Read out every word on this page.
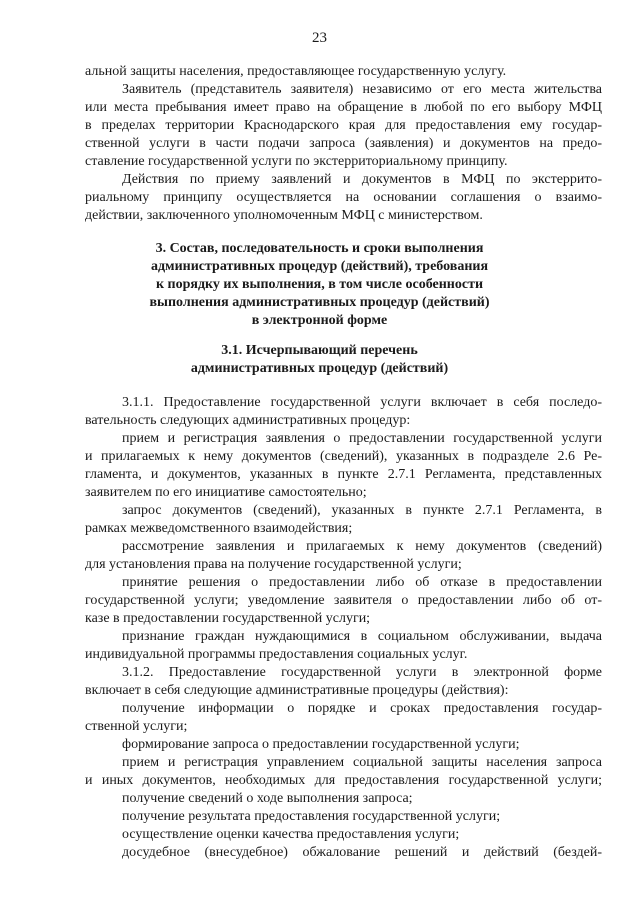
23
альной защиты населения, предоставляющее государственную услугу.
Заявитель (представитель заявителя) независимо от его места жительства
или места пребывания имеет право на обращение в любой по его выбору МФЦ
в пределах территории Краснодарского края для предоставления ему государ-
ственной услуги в части подачи запроса (заявления) и документов на предо-
ставление государственной услуги по экстерриториальному принципу.
Действия по приему заявлений и документов в МФЦ по экстеррито-
риальному принципу осуществляется на основании соглашения о взаимо-
действии, заключенного уполномоченным МФЦ с министерством.
3. Состав, последовательность и сроки выполнения
административных процедур (действий), требования
к порядку их выполнения, в том числе особенности
выполнения административных процедур (действий)
в электронной форме
3.1. Исчерпывающий перечень
административных процедур (действий)
3.1.1. Предоставление государственной услуги включает в себя последо-
вательность следующих административных процедур:
прием и регистрация заявления о предоставлении государственной услуги
и прилагаемых к нему документов (сведений), указанных в подразделе 2.6 Ре-
гламента, и документов, указанных в пункте 2.7.1 Регламента, представленных
заявителем по его инициативе самостоятельно;
запрос документов (сведений), указанных в пункте 2.7.1 Регламента, в
рамках межведомственного взаимодействия;
рассмотрение заявления и прилагаемых к нему документов (сведений)
для установления права на получение государственной услуги;
принятие решения о предоставлении либо об отказе в предоставлении
государственной услуги; уведомление заявителя о предоставлении либо об от-
казе в предоставлении государственной услуги;
признание граждан нуждающимися в социальном обслуживании, выдача
индивидуальной программы предоставления социальных услуг.
3.1.2. Предоставление государственной услуги в электронной форме
включает в себя следующие административные процедуры (действия):
получение информации о порядке и сроках предоставления государ-
ственной услуги;
формирование запроса о предоставлении государственной услуги;
прием и регистрация управлением социальной защиты населения запроса
и иных документов, необходимых для предоставления государственной услуги;
получение сведений о ходе выполнения запроса;
получение результата предоставления государственной услуги;
осуществление оценки качества предоставления услуги;
досудебное (внесудебное) обжалование решений и действий (бездей-
